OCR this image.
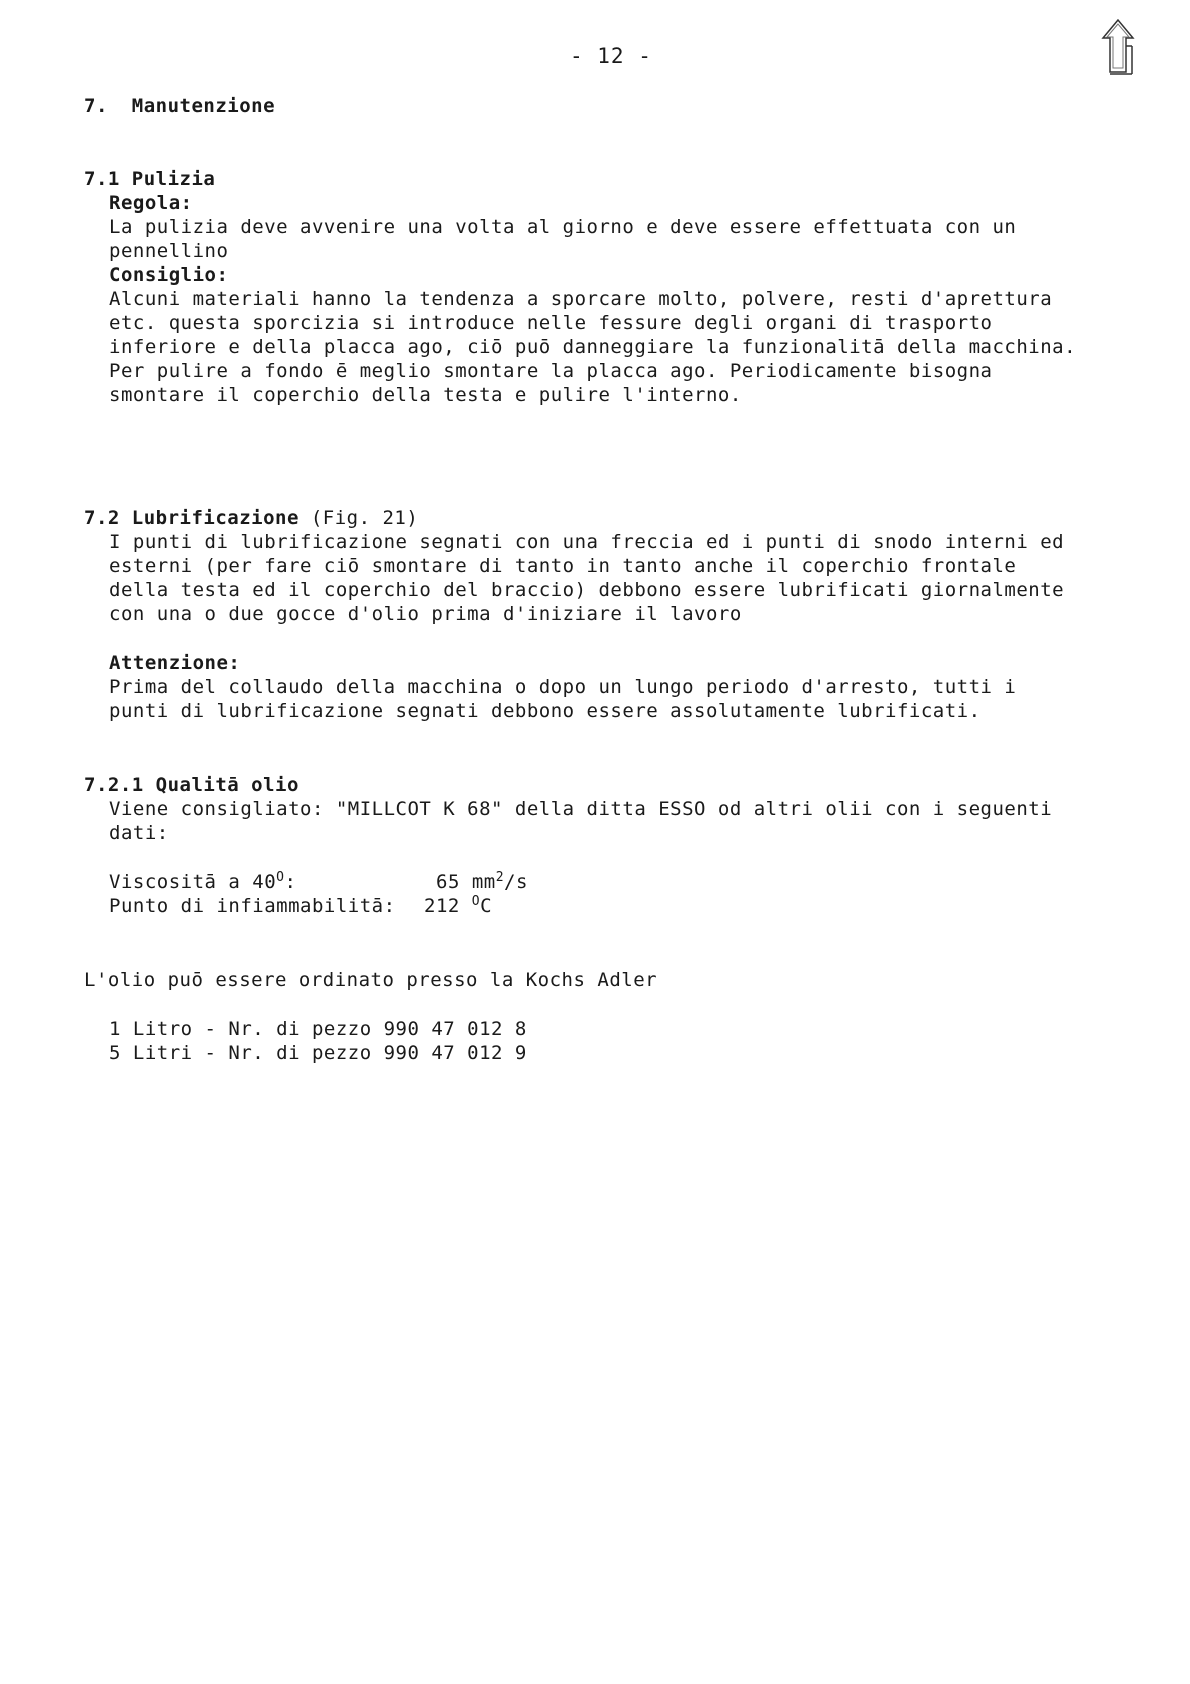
- 12 -
7.  Manutenzione
7.1 Pulizia
Regola:
La pulizia deve avvenire una volta al giorno e deve essere effettuata con un
pennellino
Consiglio:
Alcuni materiali hanno la tendenza a sporcare molto, polvere, resti d'aprettura
etc. questa sporcizia si introduce nelle fessure degli organi di trasporto
inferiore e della placca ago, ciō puō danneggiare la funzionalitā della macchina.
Per pulire a fondo ē meglio smontare la placca ago. Periodicamente bisogna
smontare il coperchio della testa e pulire l'interno.
7.2 Lubrificazione (Fig. 21)
I punti di lubrificazione segnati con una freccia ed i punti di snodo interni ed
esterni (per fare ciō smontare di tanto in tanto anche il coperchio frontale
della testa ed il coperchio del braccio) debbono essere lubrificati giornalmente
con una o due gocce d'olio prima d'iniziare il lavoro
Attenzione:
Prima del collaudo della macchina o dopo un lungo periodo d'arresto, tutti i
punti di lubrificazione segnati debbono essere assolutamente lubrificati.
7.2.1 Qualitā olio
Viene consigliato: "MILLCOT K 68" della ditta ESSO od altri olii con i seguenti
dati:
Viscositā a $40^O$:	65 $mm^2/s$
Punto di infiammabilitā: 212 $^O$C
L'olio puō essere ordinato presso la Kochs Adler
1 Litro - Nr. di pezzo 990 47 012 8
5 Litri - Nr. di pezzo 990 47 012 9
